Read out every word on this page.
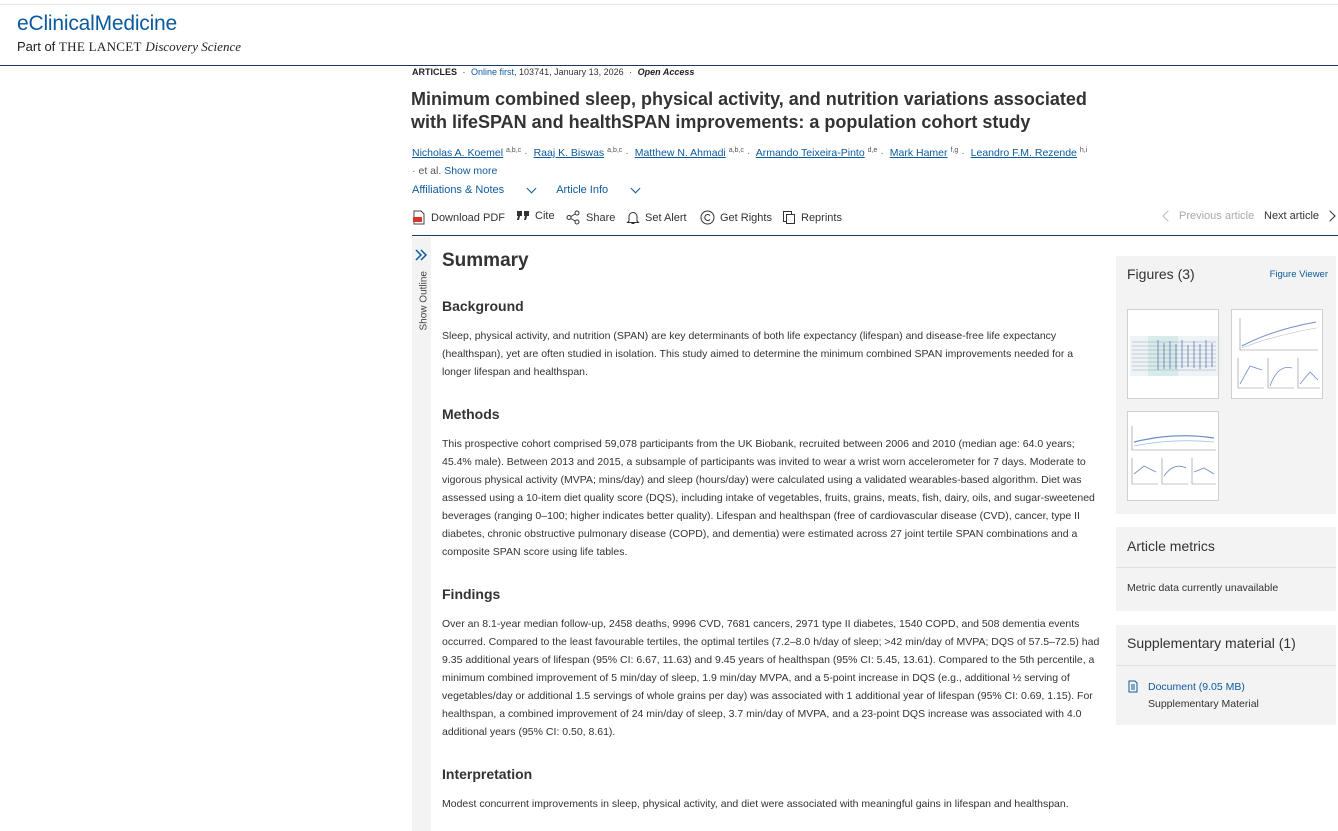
eClinicalMedicine
Part of THE LANCET Discovery Science
ARTICLES · Online first, 103741, January 13, 2026 · Open Access
Minimum combined sleep, physical activity, and nutrition variations associated with lifeSPAN and healthSPAN improvements: a population cohort study
Nicholas A. Koemel $^{a,b,c}$ · Raaj K. Biswas $^{a,b,c}$ · Matthew N. Ahmadi $^{a,b,c}$ · Armando Teixeira-Pinto $^{d,e}$ · Mark Hamer $^{f,g}$ · Leandro F.M. Rezende $^{h,i}$
· et al. Show more
Affiliations & Notes
	Article Info
Download PDF	Cite	Share	Set Alert	Get Rights	Reprints	Previous article Next article
Show Outline
Summary
Background

Sleep, physical activity, and nutrition (SPAN) are key determinants of both life expectancy (lifespan) and disease-free life expectancy (healthspan), yet are often studied in isolation. This study aimed to determine the minimum combined SPAN improvements needed for a longer lifespan and healthspan.

Methods

This prospective cohort comprised 59,078 participants from the UK Biobank, recruited between 2006 and 2010 (median age: 64.0 years; 45.4% male). Between 2013 and 2015, a subsample of participants was invited to wear a wrist worn accelerometer for 7 days. Moderate to vigorous physical activity (MVPA; mins/day) and sleep (hours/day) were calculated using a validated wearables-based algorithm. Diet was assessed using a 10-item diet quality score (DQS), including intake of vegetables, fruits, grains, meats, fish, dairy, oils, and sugar-sweetened beverages (ranging 0–100; higher indicates better quality). Lifespan and healthspan (free of cardiovascular disease (CVD), cancer, type II diabetes, chronic obstructive pulmonary disease (COPD), and dementia) were estimated across 27 joint tertile SPAN combinations and a composite SPAN score using life tables.

Findings

Over an 8.1-year median follow-up, 2458 deaths, 9996 CVD, 7681 cancers, 2971 type II diabetes, 1540 COPD, and 508 dementia events occurred. Compared to the least favourable tertiles, the optimal tertiles (7.2–8.0 h/day of sleep; >42 min/day of MVPA; DQS of 57.5–72.5) had 9.35 additional years of lifespan (95% CI: 6.67, 11.63) and 9.45 years of healthspan (95% CI: 5.45, 13.61). Compared to the 5th percentile, a minimum combined improvement of 5 min/day of sleep, 1.9 min/day MVPA, and a 5-point increase in DQS (e.g., additional ½ serving of vegetables/day or additional 1.5 servings of whole grains per day) was associated with 1 additional year of lifespan (95% CI: 0.69, 1.15). For healthspan, a combined improvement of 24 min/day of sleep, 3.7 min/day of MVPA, and a 23-point DQS increase was associated with 4.0 additional years (95% CI: 0.50, 8.61).

Interpretation

Modest concurrent improvements in sleep, physical activity, and diet were associated with meaningful gains in lifespan and healthspan.

Figures (3)	Figure Viewer
Article metrics
Metric data currently unavailable
Supplementary material (1)
Document (9.05 MB)
Supplementary Material
